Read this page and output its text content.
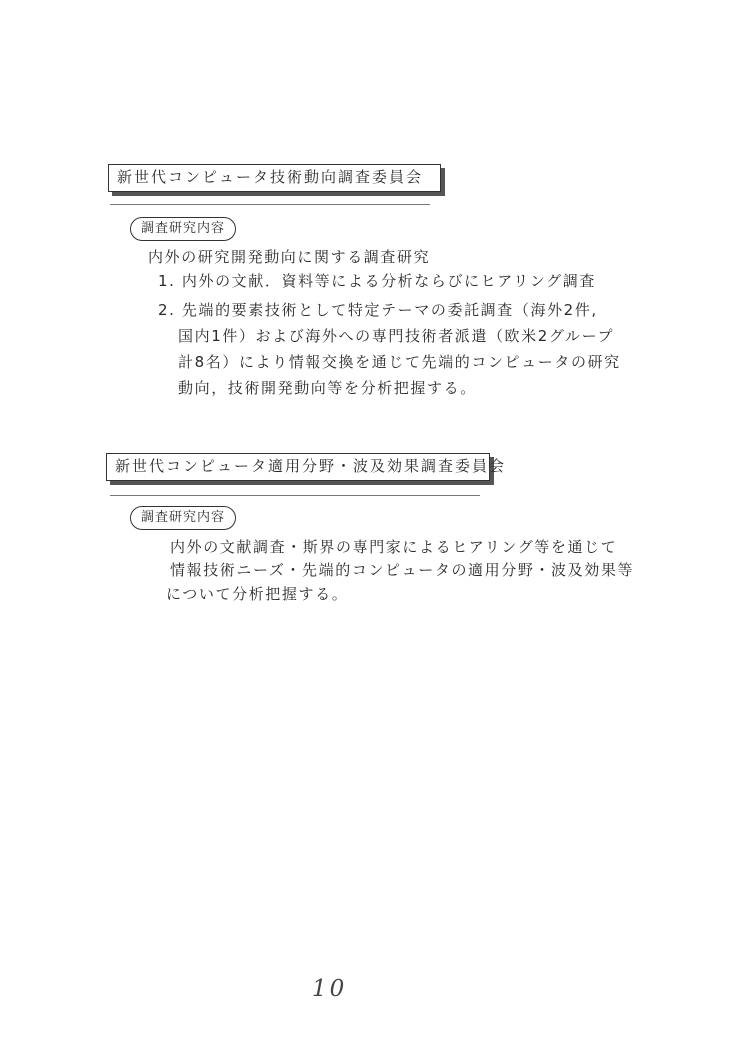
新世代コンピュータ技術動向調査委員会
調査研究内容
内外の研究開発動向に関する調査研究
1. 内外の文献．資料等による分析ならびにヒアリング調査
2. 先端的要素技術として特定テーマの委託調査（海外2件,
国内1件）および海外への専門技術者派遣（欧米2グループ
計8名）により情報交換を通じて先端的コンピュータの研究
動向，技術開発動向等を分析把握する。
新世代コンピュータ適用分野・波及効果調査委員会
調査研究内容
内外の文献調査・斯界の専門家によるヒアリング等を通じて
情報技術ニーズ・先端的コンピュータの適用分野・波及効果等
について分析把握する。
10
